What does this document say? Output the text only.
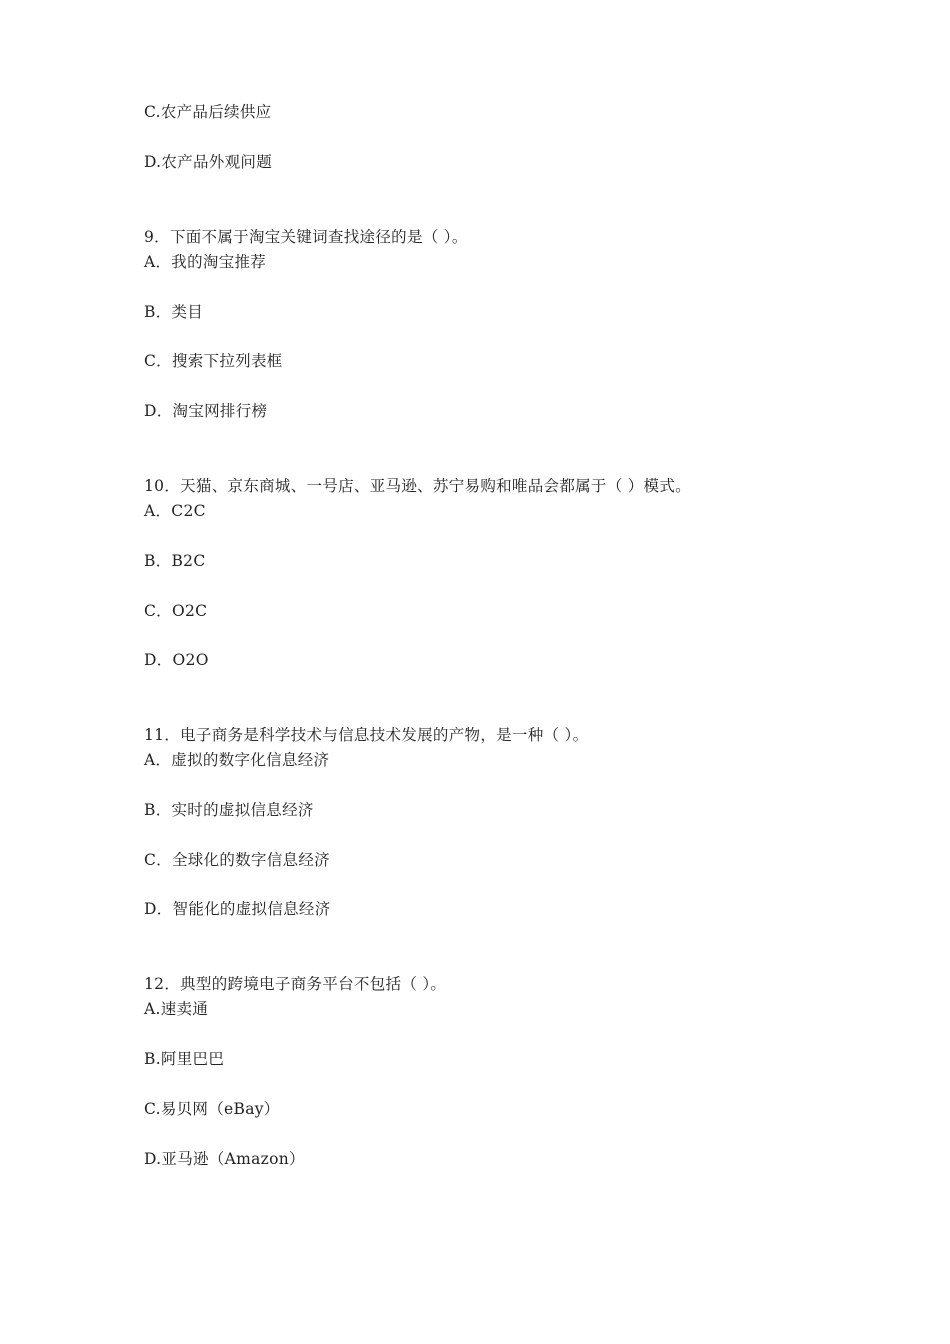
C.农产品后续供应
D.农产品外观问题
9．下面不属于淘宝关键词查找途径的是（ ）。
A．我的淘宝推荐
B．类目
C．搜索下拉列表框
D．淘宝网排行榜
10．天猫、京东商城、一号店、亚马逊、苏宁易购和唯品会都属于（ ）模式。
A．C2C
B．B2C
C．O2C
D．O2O
11．电子商务是科学技术与信息技术发展的产物，是一种（ ）。
A．虚拟的数字化信息经济
B．实时的虚拟信息经济
C．全球化的数字信息经济
D．智能化的虚拟信息经济
12．典型的跨境电子商务平台不包括（ ）。
A.速卖通
B.阿里巴巴
C.易贝网（eBay）
D.亚马逊（Amazon）
